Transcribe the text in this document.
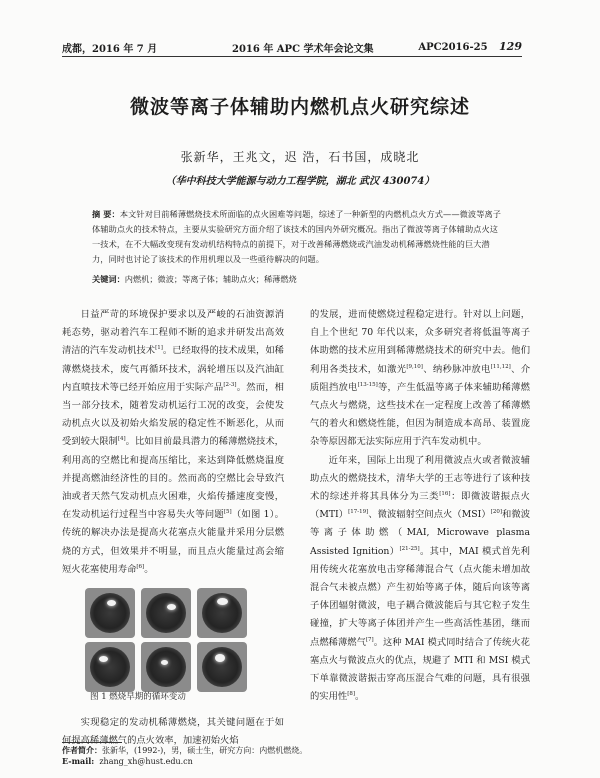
成都，2016 年 7 月	2016 年 APC 学术年会论文集	APC2016-25 129
微波等离子体辅助内燃机点火研究综述
张新华，王兆文，迟 浩，石书国，成晓北
（华中科技大学能源与动力工程学院，湖北 武汉 430074）
摘 要：本文针对目前稀薄燃烧技术所面临的点火困难等问题，综述了一种新型的内燃机点火方式——微波等离子体辅助点火的技术特点，主要从实验研究方面介绍了该技术的国内外研究概况。指出了微波等离子体辅助点火这一技术，在不大幅改变现有发动机结构特点的前提下，对于改善稀薄燃烧或汽油发动机稀薄燃烧性能的巨大潜力，同时也讨论了该技术的作用机理以及一些亟待解决的问题。
关键词：内燃机；微波；等离子体；辅助点火；稀薄燃烧

日益严苛的环境保护要求以及严峻的石油资源消耗态势，驱动着汽车工程师不断的追求并研发出高效清洁的汽车发动机技术[1]。已经取得的技术成果，如稀薄燃烧技术，废气再循环技术，涡轮增压以及汽油缸内直喷技术等已经开始应用于实际产品[2-3]。然而，相当一部分技术，随着发动机运行工况的改变，会使发动机点火以及初始火焰发展的稳定性不断恶化，从而受到较大限制[4]。比如目前最具潜力的稀薄燃烧技术，利用高的空燃比和提高压缩比，来达到降低燃烧温度并提高燃油经济性的目的。然而高的空燃比会导致汽油或者天然气发动机点火困难，火焰传播速度变慢，在发动机运行过程当中容易失火等问题[5]（如图 1）。传统的解决办法是提高火花塞点火能量并采用分层燃烧的方式，但效果并不明显，而且点火能量过高会缩短火花塞使用寿命[6]。

图 1 燃烧早期的循环变动

实现稳定的发动机稀薄燃烧，其关键问题在于如何提高稀薄燃气的点火效率，加速初始火焰

的发展，进而使燃烧过程稳定进行。针对以上问题，自上个世纪 70 年代以来，众多研究者将低温等离子体助燃的技术应用到稀薄燃烧技术的研究中去。他们利用各类技术，如激光[9,10]、纳秒脉冲放电[11,12]、介质阻挡放电[13-15]等，产生低温等离子体来辅助稀薄燃气点火与燃烧，这些技术在一定程度上改善了稀薄燃气的着火和燃烧性能，但因为制造成本高昂、装置庞杂等原因都无法实际应用于汽车发动机中。

近年来，国际上出现了利用微波点火或者微波辅助点火的燃烧技术，清华大学的王志等进行了该种技术的综述并将其具体分为三类[16]：即微波谐振点火（MTI）[17-19]、微波辐射空间点火（MSI）[20]和微波等离子体助燃（MAI, Microwave plasma Assisted Ignition）[21-25]。其中，MAI 模式首先利用传统火花塞放电击穿稀薄混合气（点火能未增加故混合气未被点燃）产生初始等离子体，随后向该等离子体团辐射微波，电子耦合微波能后与其它粒子发生碰撞，扩大等离子体团并产生一些高活性基团，继而点燃稀薄燃气[7]。这种 MAI 模式同时结合了传统火花塞点火与微波点火的优点，规避了 MTI 和 MSI 模式下单靠微波谐振击穿高压混合气难的问题，具有很强的实用性[8]。

作者简介：张新华，(1992-)，男，硕士生，研究方向：内燃机燃烧。
E-mail: zhang_xh@hust.edu.cn
